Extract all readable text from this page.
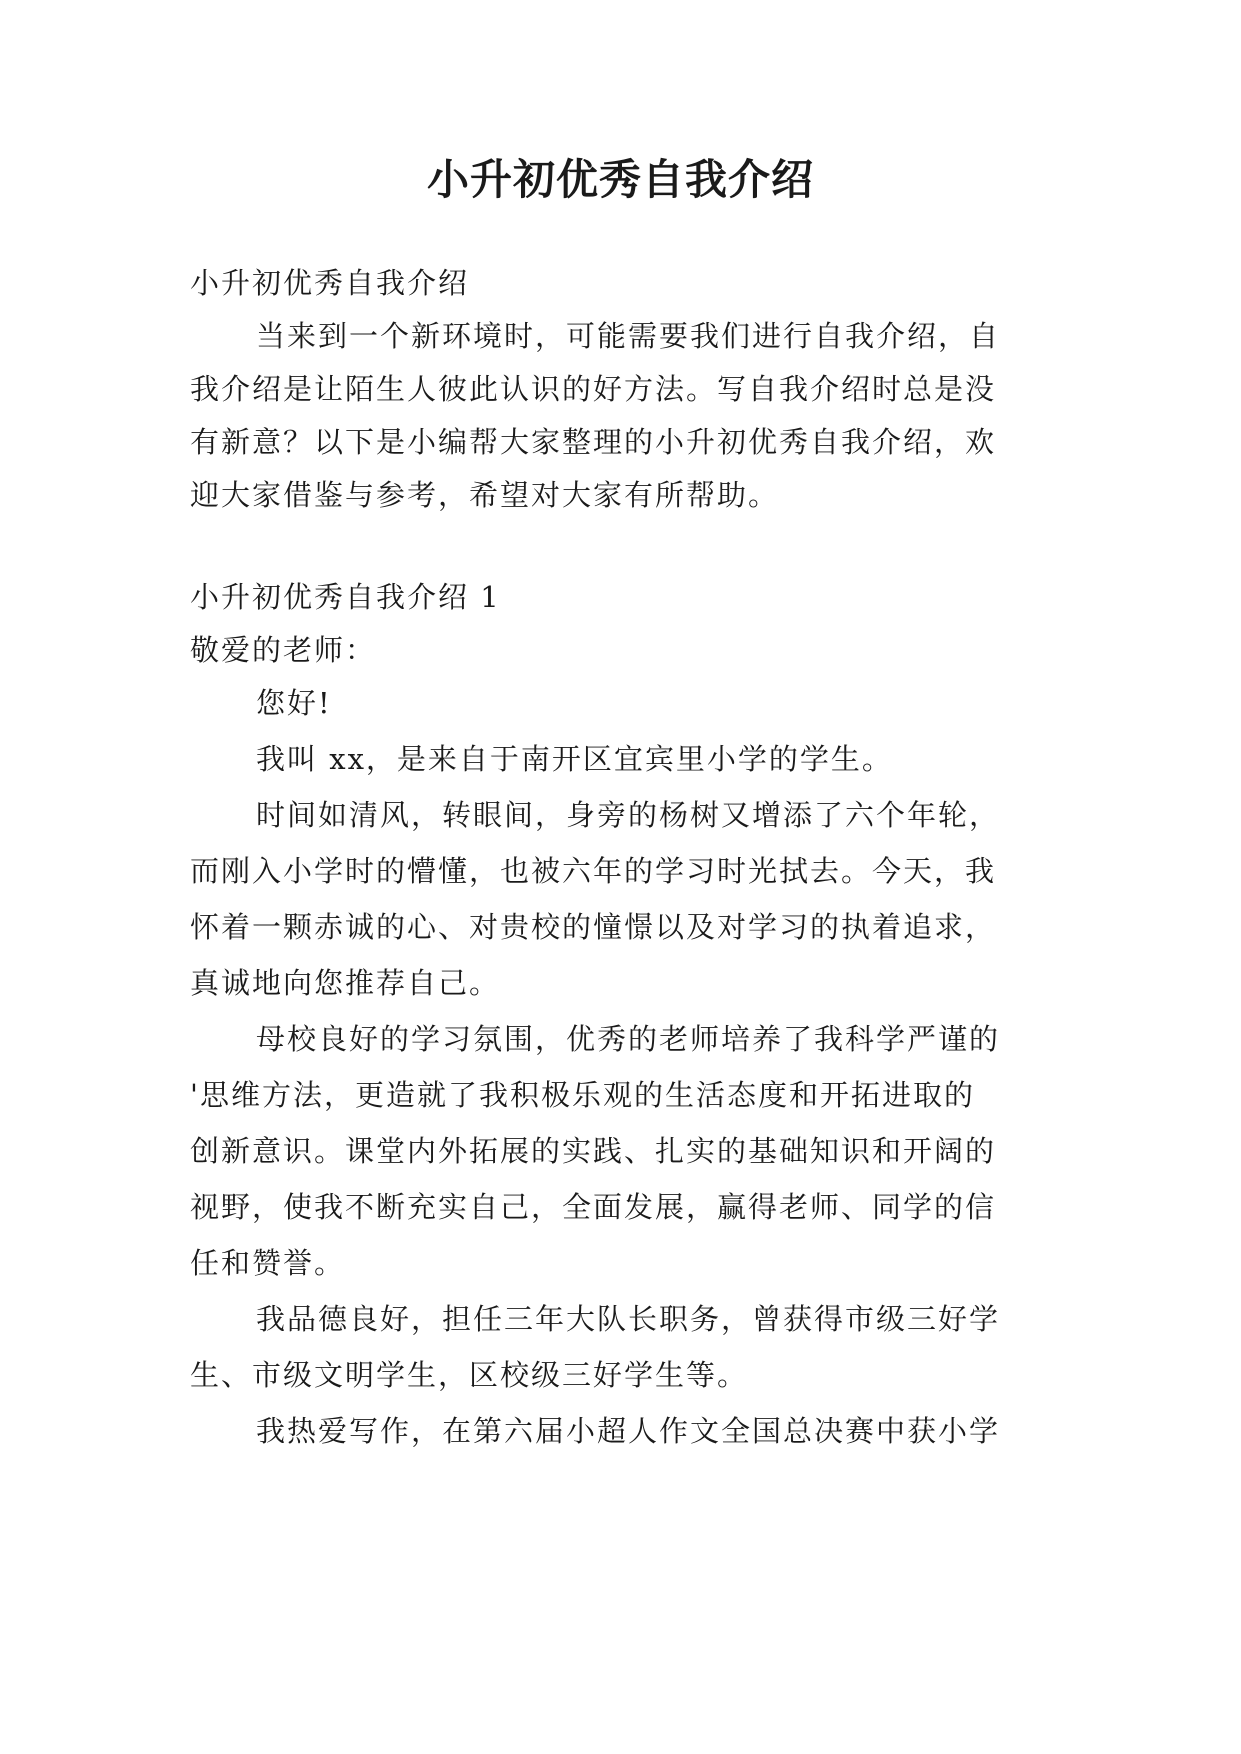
小升初优秀自我介绍

小升初优秀自我介绍

当来到一个新环境时，可能需要我们进行自我介绍，自

我介绍是让陌生人彼此认识的好方法。写自我介绍时总是没

有新意？以下是小编帮大家整理的小升初优秀自我介绍，欢

迎大家借鉴与参考，希望对大家有所帮助。

小升初优秀自我介绍 1

敬爱的老师：

您好!

我叫 xx，是来自于南开区宜宾里小学的学生。

时间如清风，转眼间，身旁的杨树又增添了六个年轮，

而刚入小学时的懵懂，也被六年的学习时光拭去。今天，我

怀着一颗赤诚的心、对贵校的憧憬以及对学习的执着追求，

真诚地向您推荐自己。

母校良好的学习氛围，优秀的老师培养了我科学严谨的

'思维方法，更造就了我积极乐观的生活态度和开拓进取的

创新意识。课堂内外拓展的实践、扎实的基础知识和开阔的

视野，使我不断充实自己，全面发展，赢得老师、同学的信

任和赞誉。

我品德良好，担任三年大队长职务，曾获得市级三好学

生、市级文明学生，区校级三好学生等。

我热爱写作，在第六届小超人作文全国总决赛中获小学
